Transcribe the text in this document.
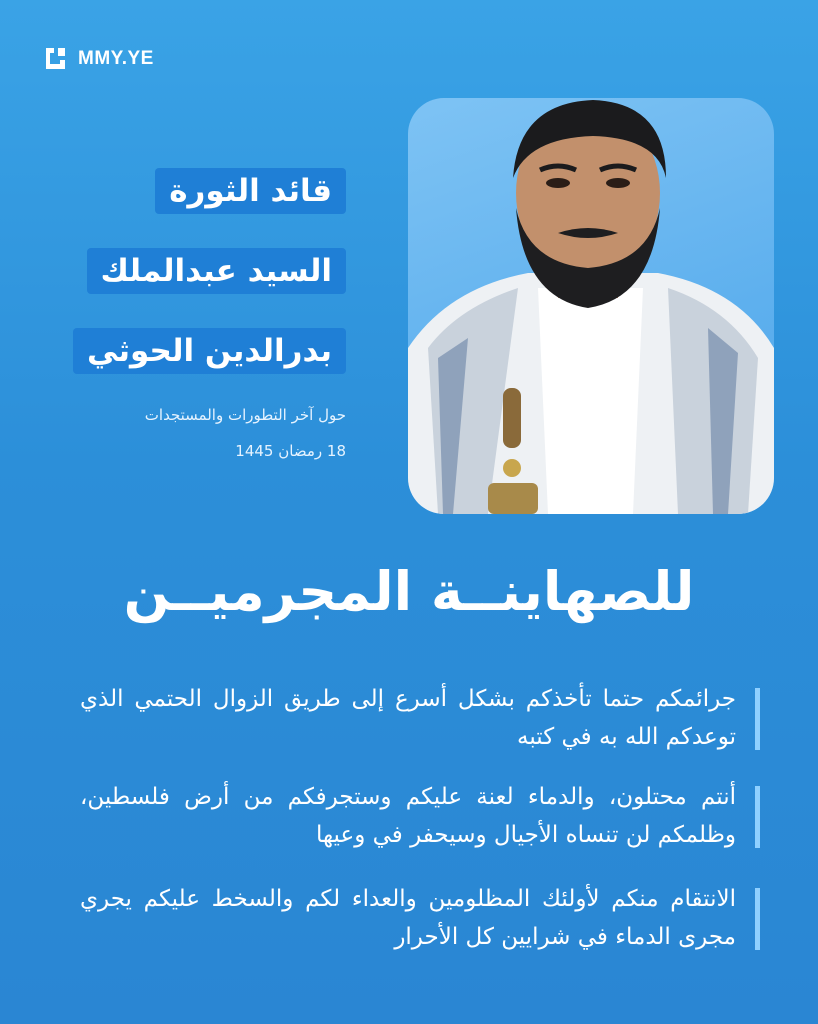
MMY.YE
قائد الثورة
السيد عبدالملك
بدرالدين الحوثي
حول آخر التطورات والمستجدات
18 رمضان 1445
للصهاينــة المجرميــن
جرائمكم حتما تأخذكم بشكل أسرع إلى طريق الزوال الحتمي الذي توعدكم الله به في كتبه
أنتم محتلون، والدماء لعنة عليكم وستجرفكم من أرض فلسطين، وظلمكم لن تنساه الأجيال وسيحفر في وعيها
الانتقام منكم لأولئك المظلومين والعداء لكم والسخط عليكم يجري مجرى الدماء في شرايين كل الأحرار
